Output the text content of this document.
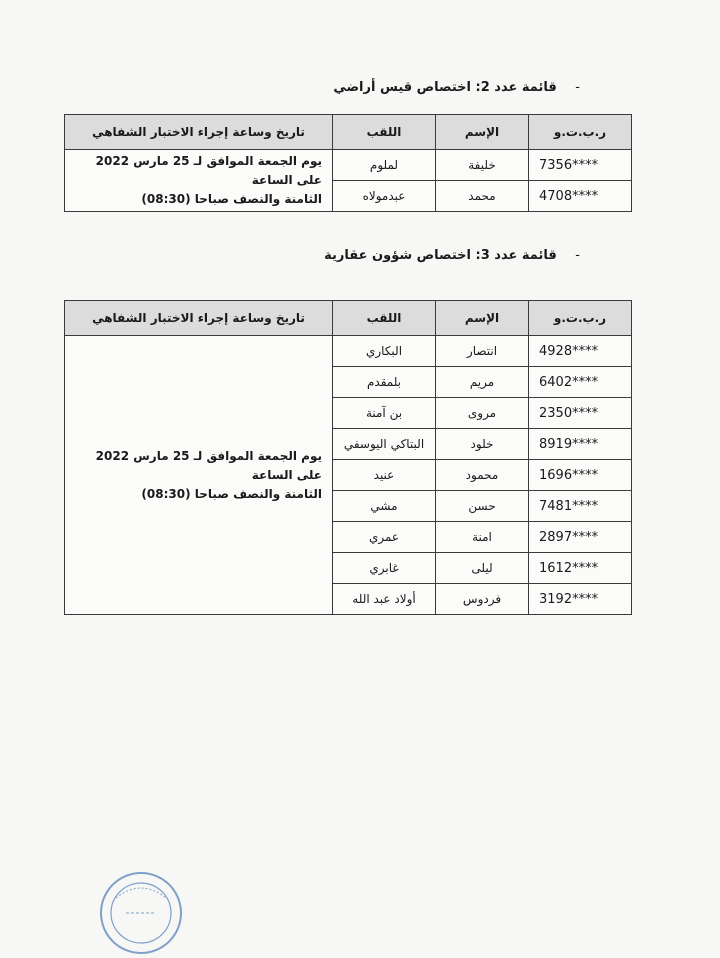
- قائمة عدد 2: اختصاص قيس أراضي
ر.ب.ت.و	الإسم	اللقب	تاريخ وساعة إجراء الاختبار الشفاهي
7356****	خليفة	لملوم	يوم الجمعة الموافق لـ 25 مارس 2022 على الساعة
الثامنة والنصف صباحا (08:30)

4708****	محمد	عبدمولاه	
- قائمة عدد 3: اختصاص شؤون عقارية
ر.ب.ت.و	الإسم	اللقب	تاريخ وساعة إجراء الاختبار الشفاهي
4928****	انتصار	البكاري	يوم الجمعة الموافق لـ 25 مارس 2022 على الساعة
الثامنة والنصف صباحا (08:30)

6402****	مريم	بلمقدم	
2350****	مروى	بن آمنة	
8919****	خلود	البتاكي اليوسفي	
1696****	محمود	عنيد	
7481****	حسن	مشي	
2897****	امنة	عمري	
1612****	ليلى	غابري	
3192****	فردوس	أولاد عبد الله	
